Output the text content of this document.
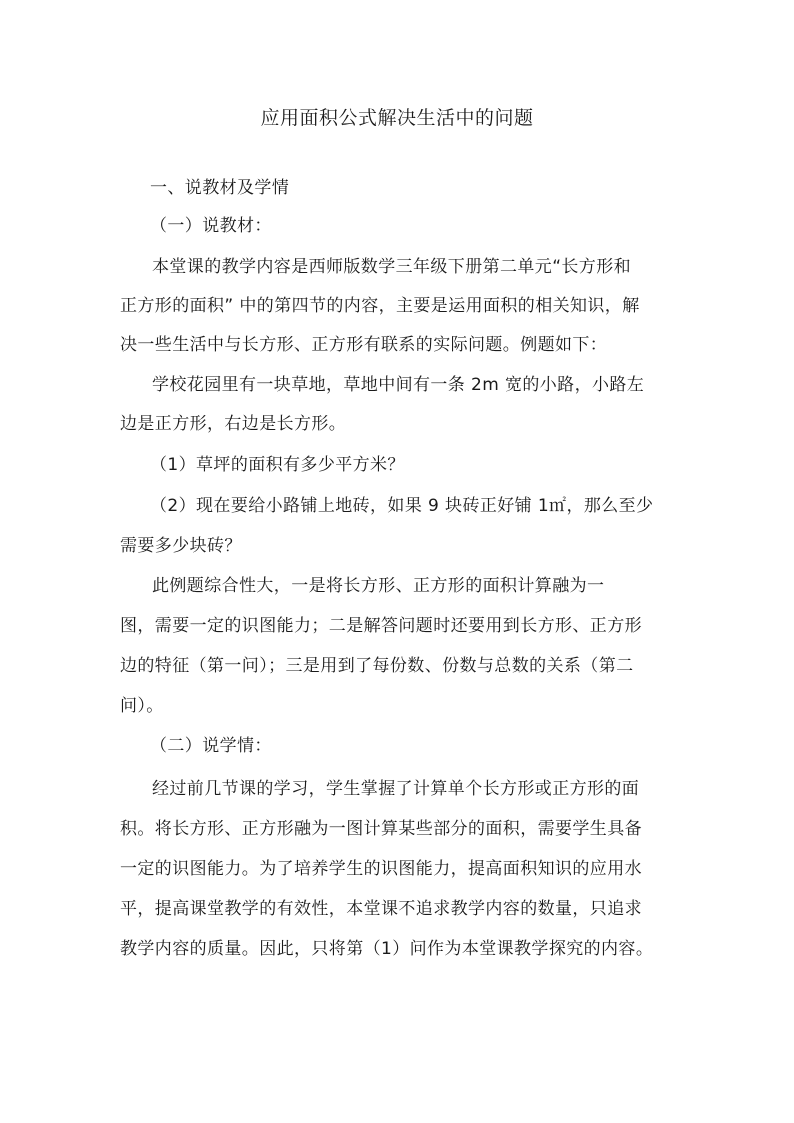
应用面积公式解决生活中的问题
一、说教材及学情
（一）说教材：
本堂课的教学内容是西师版数学三年级下册第二单元“长方形和
正方形的面积” 中的第四节的内容，主要是运用面积的相关知识，解
决一些生活中与长方形、正方形有联系的实际问题。例题如下：
学校花园里有一块草地，草地中间有一条 2m 宽的小路，小路左
边是正方形，右边是长方形。
（1）草坪的面积有多少平方米？
（2）现在要给小路铺上地砖，如果 9 块砖正好铺 1㎡，那么至少
需要多少块砖？
此例题综合性大，一是将长方形、正方形的面积计算融为一
图，需要一定的识图能力；二是解答问题时还要用到长方形、正方形
边的特征（第一问）；三是用到了每份数、份数与总数的关系（第二
问）。
（二）说学情：
经过前几节课的学习，学生掌握了计算单个长方形或正方形的面
积。将长方形、正方形融为一图计算某些部分的面积，需要学生具备
一定的识图能力。为了培养学生的识图能力，提高面积知识的应用水
平，提高课堂教学的有效性，本堂课不追求教学内容的数量，只追求
教学内容的质量。因此，只将第（1）问作为本堂课教学探究的内容。
